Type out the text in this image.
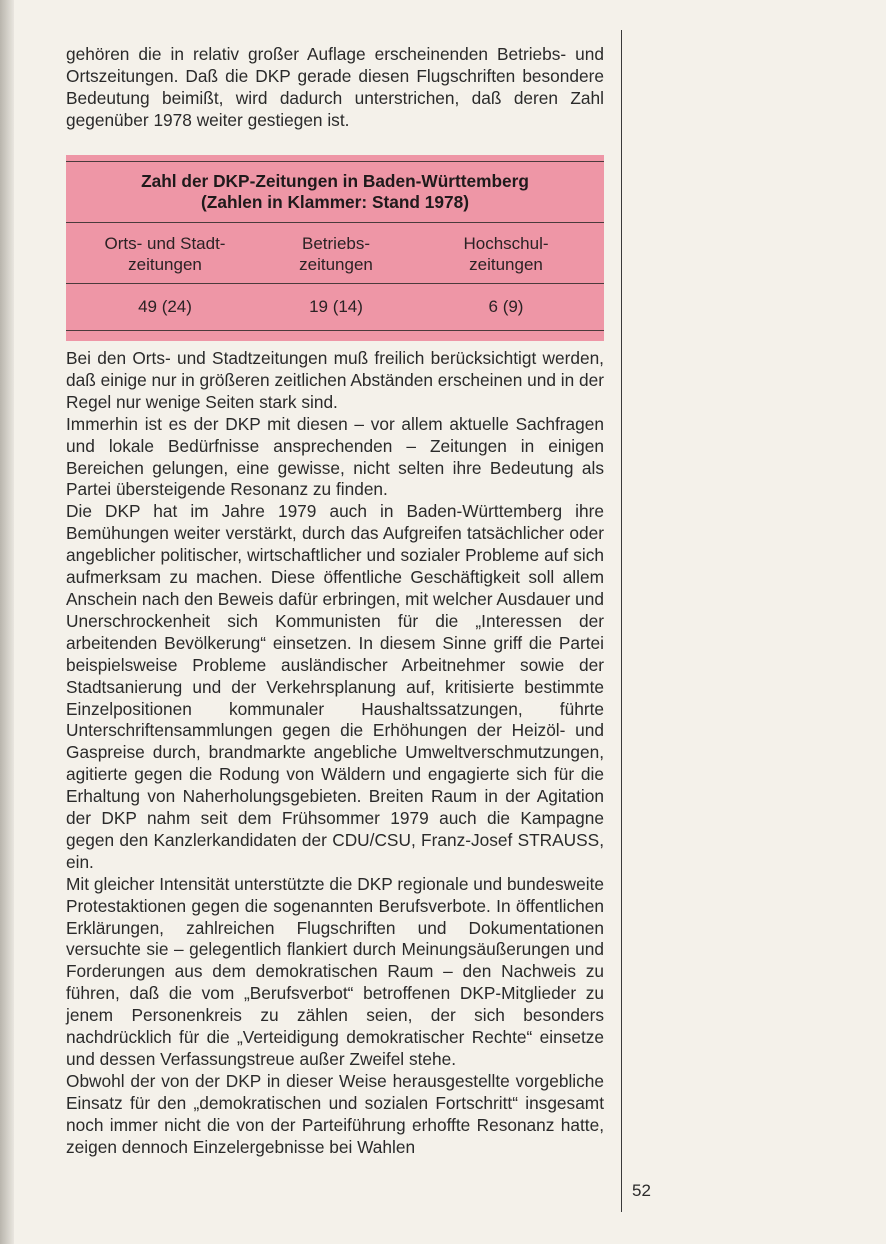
gehören die in relativ großer Auflage erscheinenden Betriebs- und Ortszeitungen. Daß die DKP gerade diesen Flugschriften besondere Bedeutung beimißt, wird dadurch unterstrichen, daß deren Zahl gegenüber 1978 weiter gestiegen ist.

Zahl der DKP-Zeitungen in Baden-Württemberg
(Zahlen in Klammer: Stand 1978)
Orts- und Stadt-
zeitungen
Betriebs-
zeitungen
Hochschul-
zeitungen
49 (24)	19 (14)	6 (9)

Bei den Orts- und Stadtzeitungen muß freilich berücksichtigt werden, daß einige nur in größeren zeitlichen Abständen erscheinen und in der Regel nur wenige Seiten stark sind.

Immerhin ist es der DKP mit diesen – vor allem aktuelle Sachfragen und lokale Bedürfnisse ansprechenden – Zeitungen in einigen Bereichen gelungen, eine gewisse, nicht selten ihre Bedeutung als Partei übersteigende Resonanz zu finden.

Die DKP hat im Jahre 1979 auch in Baden-Württemberg ihre Bemühungen weiter verstärkt, durch das Aufgreifen tatsächlicher oder angeblicher politischer, wirtschaftlicher und sozialer Probleme auf sich aufmerksam zu machen. Diese öffentliche Geschäftigkeit soll allem Anschein nach den Beweis dafür erbringen, mit welcher Ausdauer und Unerschrockenheit sich Kommunisten für die „Interessen der arbeitenden Bevölkerung“ einsetzen. In diesem Sinne griff die Partei beispielsweise Probleme ausländischer Arbeitnehmer sowie der Stadtsanierung und der Verkehrsplanung auf, kritisierte bestimmte Einzelpositionen kommunaler Haushaltssatzungen, führte Unterschriftensammlungen gegen die Erhöhungen der Heizöl- und Gaspreise durch, brandmarkte angebliche Umweltverschmutzungen, agitierte gegen die Rodung von Wäldern und engagierte sich für die Erhaltung von Naherholungsgebieten. Breiten Raum in der Agitation der DKP nahm seit dem Frühsommer 1979 auch die Kampagne gegen den Kanzlerkandidaten der CDU/CSU, Franz-Josef STRAUSS, ein.

Mit gleicher Intensität unterstützte die DKP regionale und bundesweite Protestaktionen gegen die sogenannten Berufsverbote. In öffentlichen Erklärungen, zahlreichen Flugschriften und Dokumentationen versuchte sie – gelegentlich flankiert durch Meinungsäußerungen und Forderungen aus dem demokratischen Raum – den Nachweis zu führen, daß die vom „Berufsverbot“ betroffenen DKP-Mitglieder zu jenem Personenkreis zu zählen seien, der sich besonders nachdrücklich für die „Verteidigung demokratischer Rechte“ einsetze und dessen Verfassungstreue außer Zweifel stehe.

Obwohl der von der DKP in dieser Weise herausgestellte vorgebliche Einsatz für den „demokratischen und sozialen Fortschritt“ insgesamt noch immer nicht die von der Parteiführung erhoffte Resonanz hatte, zeigen dennoch Einzelergebnisse bei Wahlen

52
